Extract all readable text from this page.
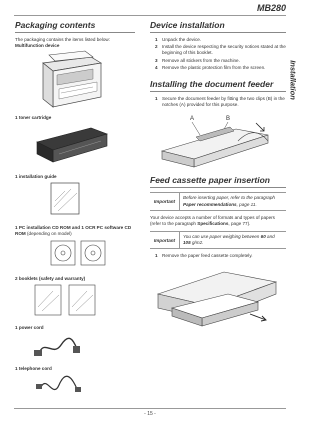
MB280
Installation
Packaging contents
The packaging contains the items listed below:
Multifunction device
1 toner cartridge
1 installation guide
1 PC installation CD ROM and 1 OCR PC software CD ROM (depending on model)
2 booklets (safety and warranty)
1 power cord
1 telephone cord
Device installation
1 Unpack the device.
2 Install the device respecting the security notices stated at the beginning of this booklet.
3 Remove all stickers from the machine.
4 Remove the plastic protection film from the screen.
Installing the document feeder
1 Secure the document feeder by fitting the two clips (B) in the notches (A) provided for this purpose.
A	B
Feed cassette paper insertion
Important
Before inserting paper, refer to the paragraph Paper recommendations, page 11.
Your device accepts a number of formats and types of papers (refer to the paragraph Specifications, page 77).
Important
You can use paper weighing between 60 and 105 g/m2.
1 Remove the paper feed cassette completely.
- 15 -
